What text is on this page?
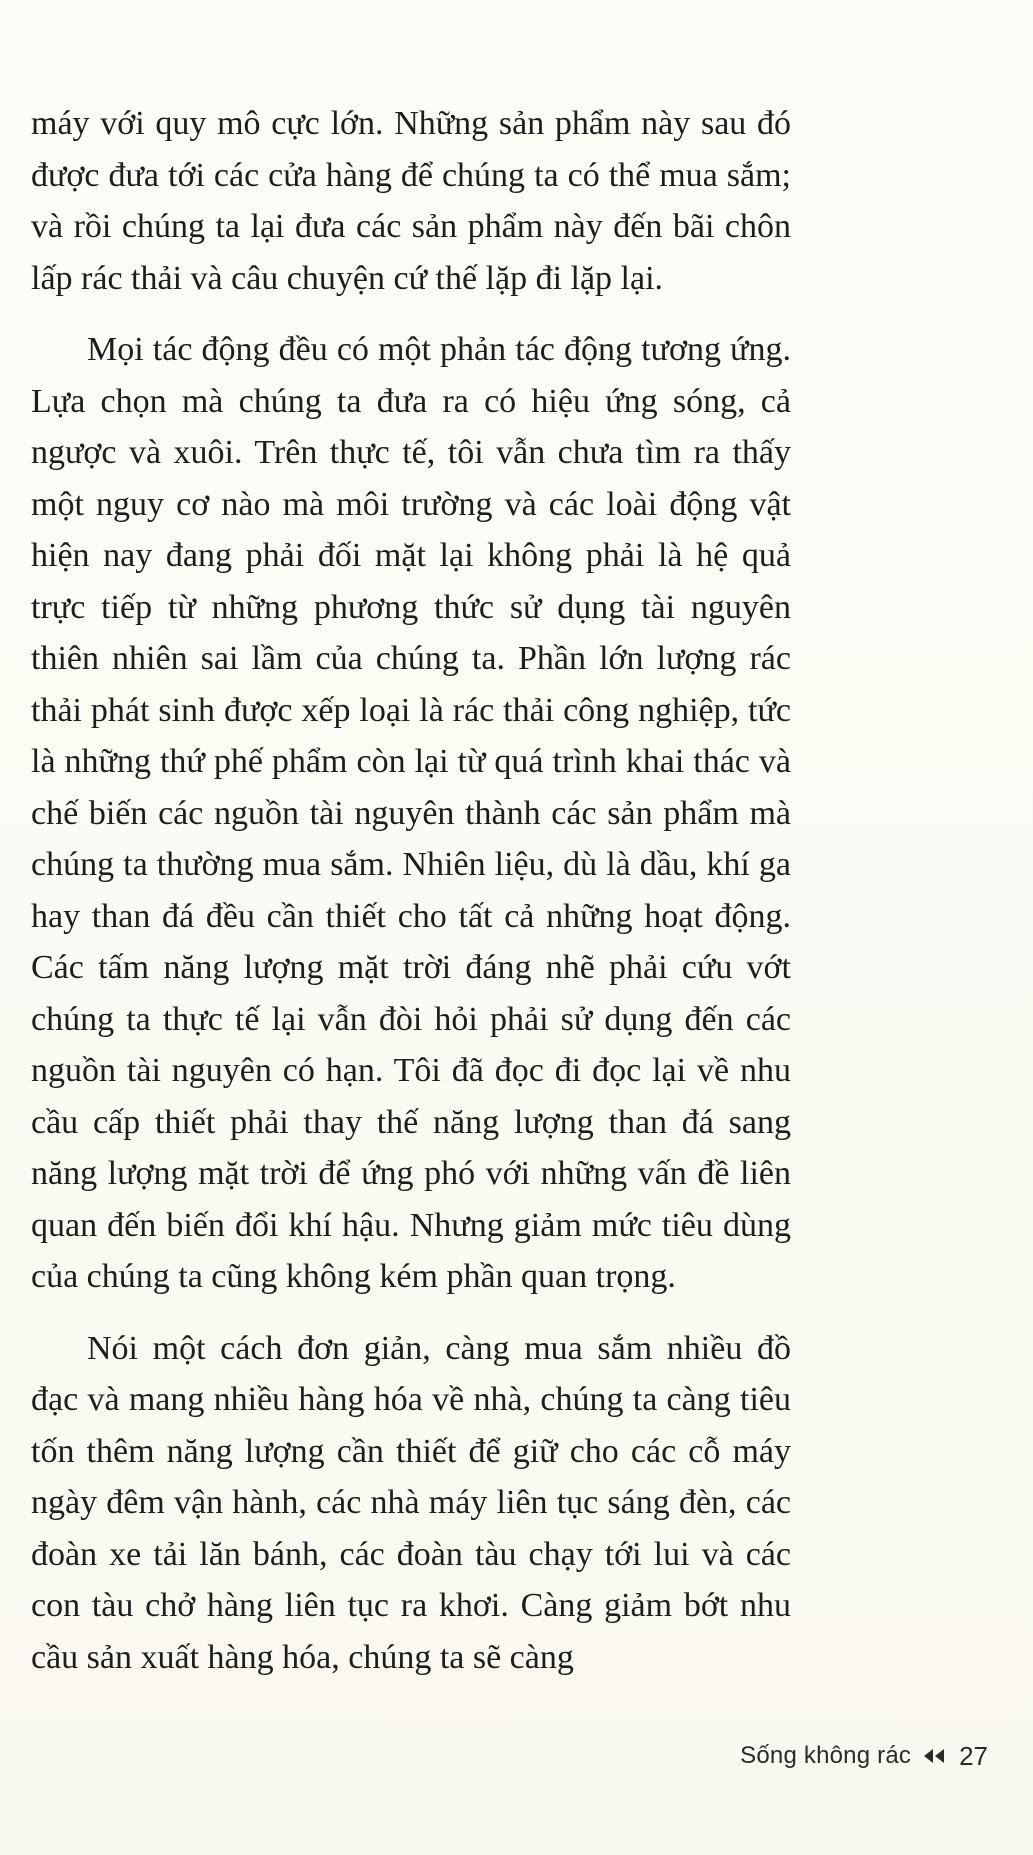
máy với quy mô cực lớn. Những sản phẩm này sau đó được đưa tới các cửa hàng để chúng ta có thể mua sắm; và rồi chúng ta lại đưa các sản phẩm này đến bãi chôn lấp rác thải và câu chuyện cứ thế lặp đi lặp lại.

Mọi tác động đều có một phản tác động tương ứng. Lựa chọn mà chúng ta đưa ra có hiệu ứng sóng, cả ngược và xuôi. Trên thực tế, tôi vẫn chưa tìm ra thấy một nguy cơ nào mà môi trường và các loài động vật hiện nay đang phải đối mặt lại không phải là hệ quả trực tiếp từ những phương thức sử dụng tài nguyên thiên nhiên sai lầm của chúng ta. Phần lớn lượng rác thải phát sinh được xếp loại là rác thải công nghiệp, tức là những thứ phế phẩm còn lại từ quá trình khai thác và chế biến các nguồn tài nguyên thành các sản phẩm mà chúng ta thường mua sắm. Nhiên liệu, dù là dầu, khí ga hay than đá đều cần thiết cho tất cả những hoạt động. Các tấm năng lượng mặt trời đáng nhẽ phải cứu vớt chúng ta thực tế lại vẫn đòi hỏi phải sử dụng đến các nguồn tài nguyên có hạn. Tôi đã đọc đi đọc lại về nhu cầu cấp thiết phải thay thế năng lượng than đá sang năng lượng mặt trời để ứng phó với những vấn đề liên quan đến biến đổi khí hậu. Nhưng giảm mức tiêu dùng của chúng ta cũng không kém phần quan trọng.

Nói một cách đơn giản, càng mua sắm nhiều đồ đạc và mang nhiều hàng hóa về nhà, chúng ta càng tiêu tốn thêm năng lượng cần thiết để giữ cho các cỗ máy ngày đêm vận hành, các nhà máy liên tục sáng đèn, các đoàn xe tải lăn bánh, các đoàn tàu chạy tới lui và các con tàu chở hàng liên tục ra khơi. Càng giảm bớt nhu cầu sản xuất hàng hóa, chúng ta sẽ càng

Sống không rác 27
